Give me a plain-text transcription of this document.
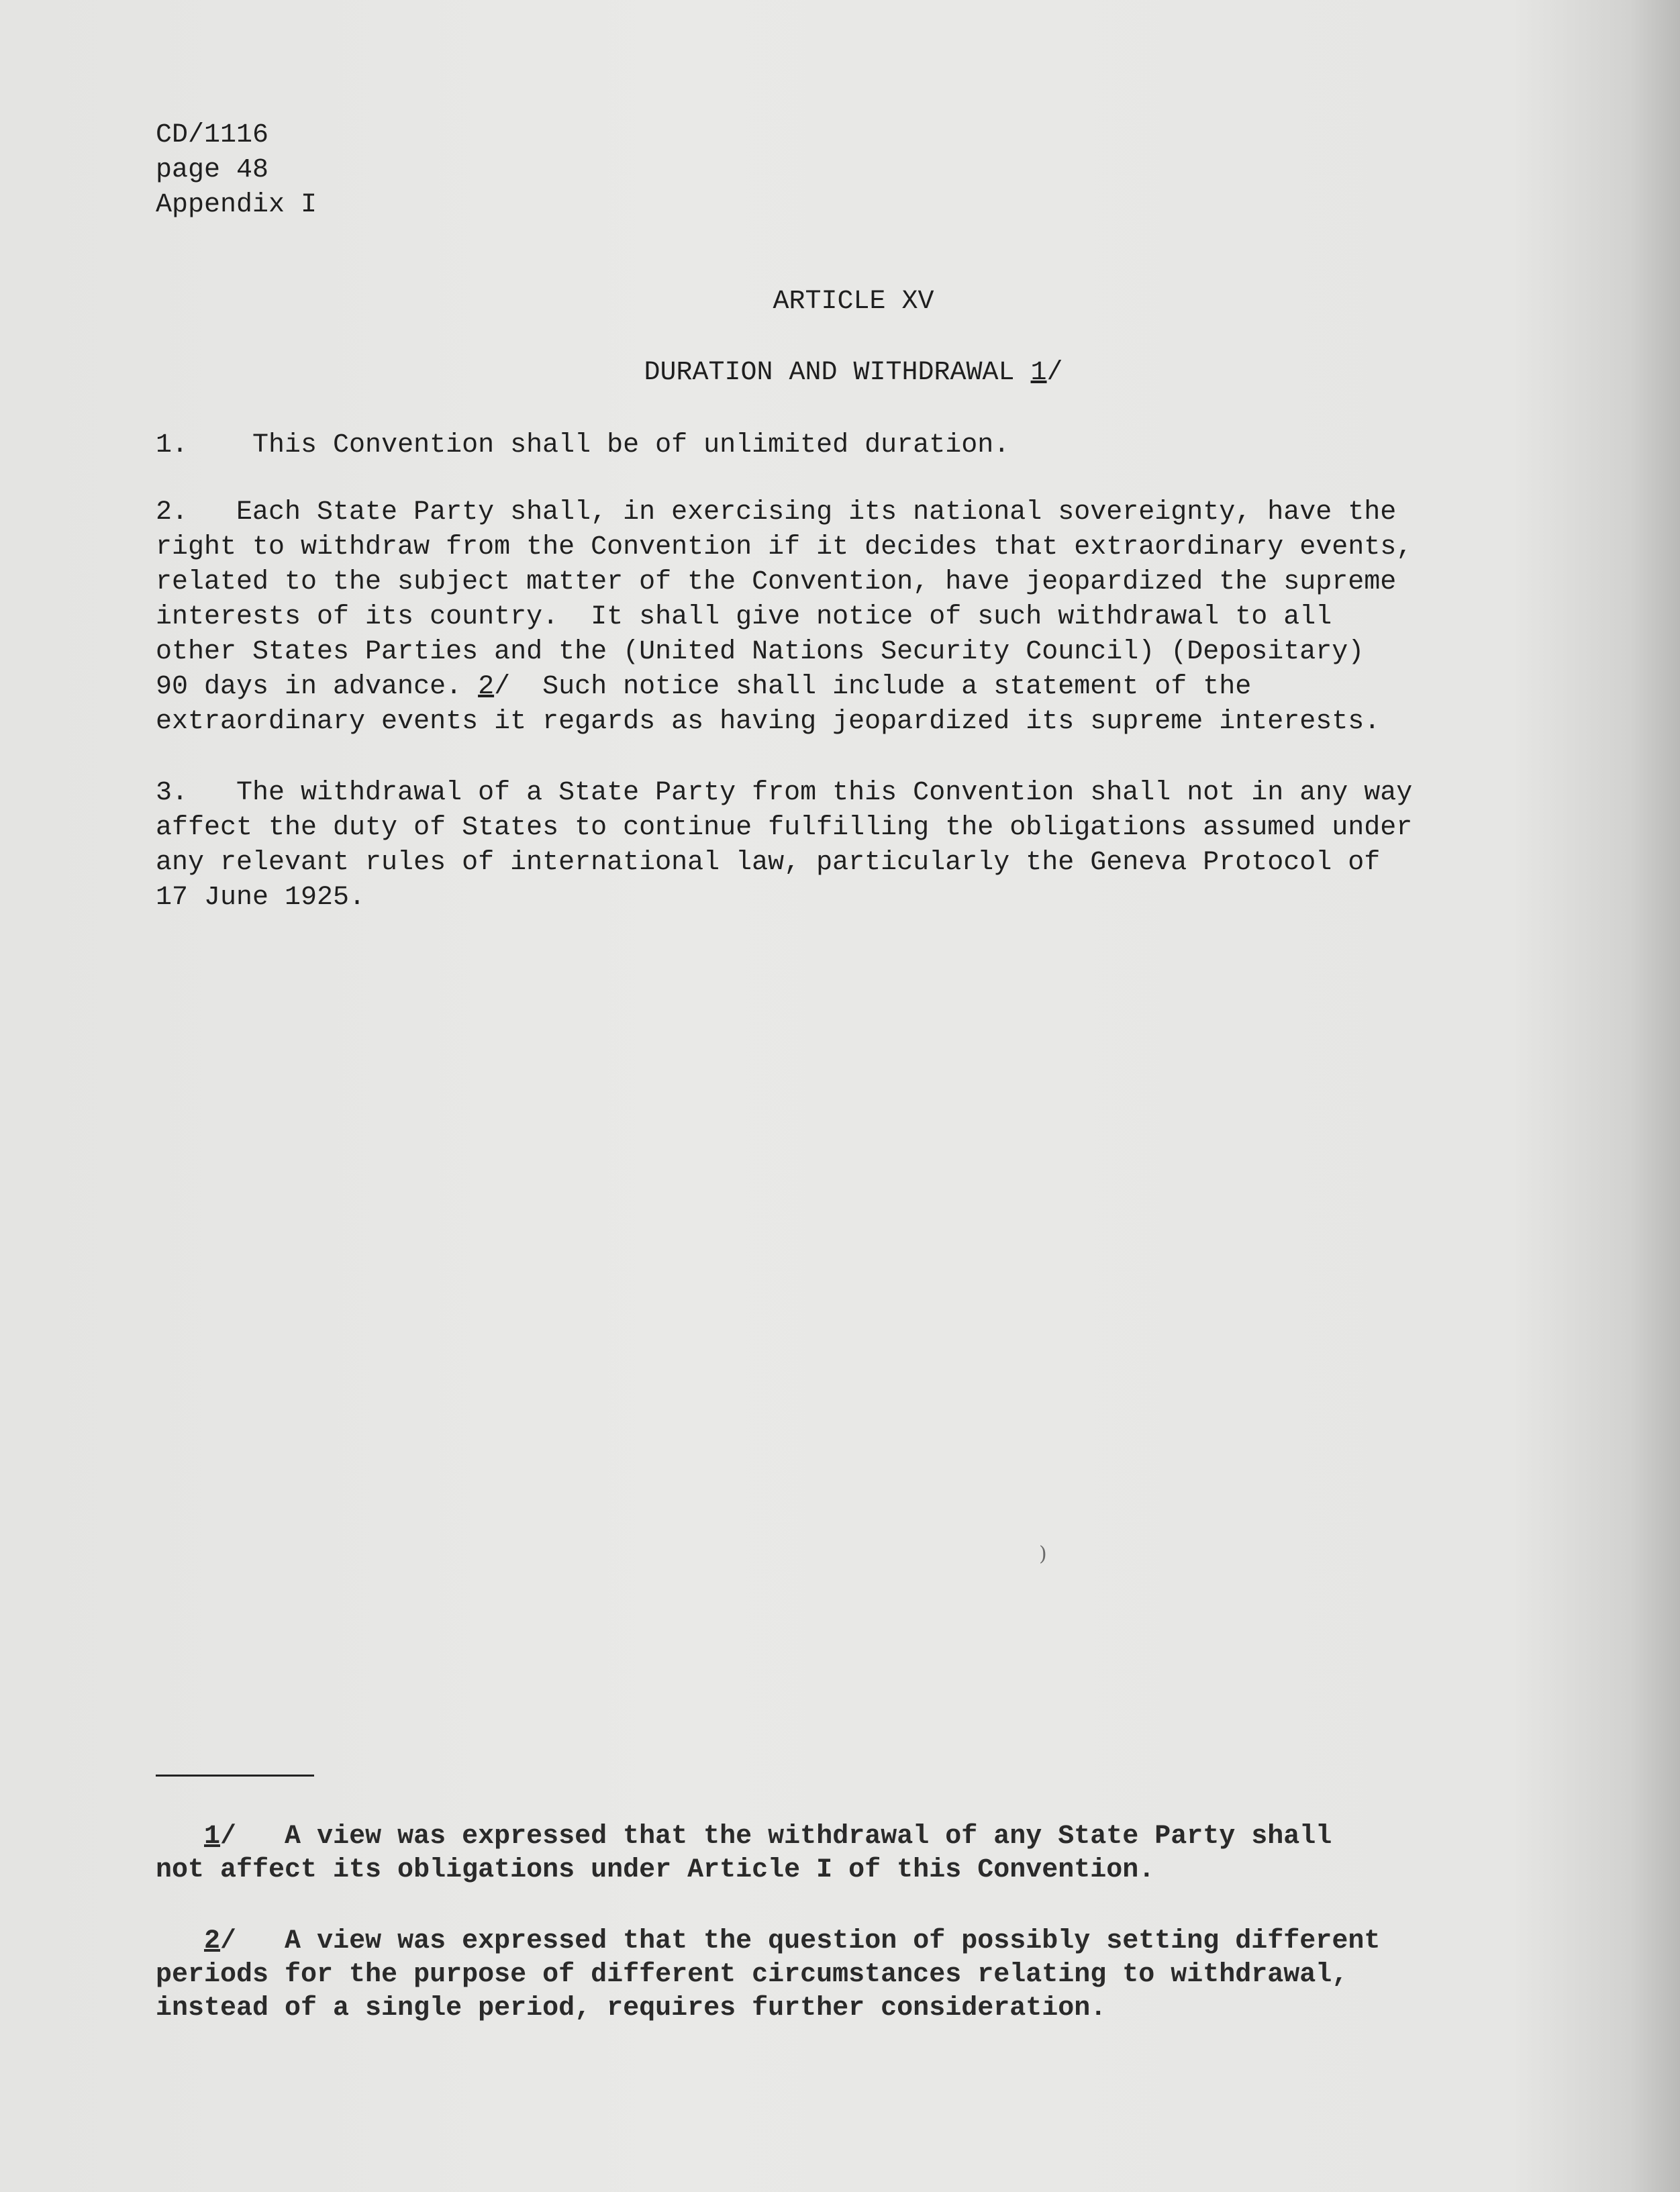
CD/1116
page 48
Appendix I
ARTICLE XV
DURATION AND WITHDRAWAL 1/
1. This Convention shall be of unlimited duration.
2.   Each State Party shall, in exercising its national sovereignty, have the
right to withdraw from the Convention if it decides that extraordinary events,
related to the subject matter of the Convention, have jeopardized the supreme
interests of its country.  It shall give notice of such withdrawal to all
other States Parties and the (United Nations Security Council) (Depositary)
90 days in advance. 2/  Such notice shall include a statement of the
extraordinary events it regards as having jeopardized its supreme interests.
3.   The withdrawal of a State Party from this Convention shall not in any way
affect the duty of States to continue fulfilling the obligations assumed under
any relevant rules of international law, particularly the Geneva Protocol of
17 June 1925.
)
1/   A view was expressed that the withdrawal of any State Party shall
not affect its obligations under Article I of this Convention.
2/   A view was expressed that the question of possibly setting different
periods for the purpose of different circumstances relating to withdrawal,
instead of a single period, requires further consideration.
